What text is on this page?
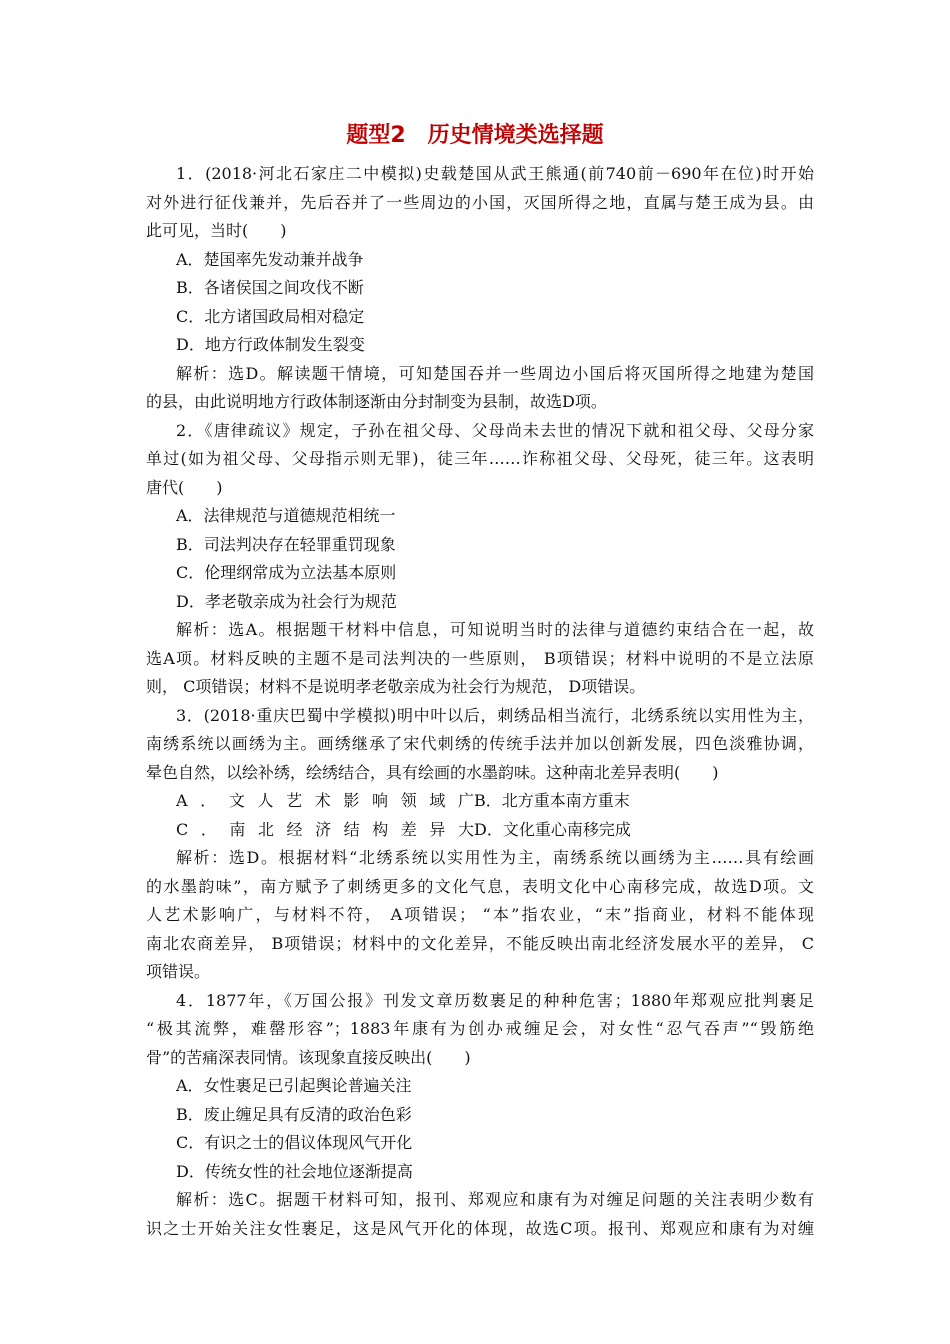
题型2　历史情境类选择题
1．(2018·河北石家庄二中模拟)史载楚国从武王熊通(前740前－690年在位)时开始
对外进行征伐兼并，先后吞并了一些周边的小国，灭国所得之地，直属与楚王成为县。由
此可见，当时(　　)
A．楚国率先发动兼并战争
B．各诸侯国之间攻伐不断
C．北方诸国政局相对稳定
D．地方行政体制发生裂变
解析：选D。解读题干情境，可知楚国吞并一些周边小国后将灭国所得之地建为楚国
的县，由此说明地方行政体制逐渐由分封制变为县制，故选D项。
2．《唐律疏议》规定，子孙在祖父母、父母尚未去世的情况下就和祖父母、父母分家
单过(如为祖父母、父母指示则无罪)，徒三年……诈称祖父母、父母死，徒三年。这表明
唐代(　　)
A．法律规范与道德规范相统一
B．司法判决存在轻罪重罚现象
C．伦理纲常成为立法基本原则
D．孝老敬亲成为社会行为规范
解析：选A。根据题干材料中信息，可知说明当时的法律与道德约束结合在一起，故
选A项。材料反映的主题不是司法判决的一些原则， B项错误；材料中说明的不是立法原
则， C项错误；材料不是说明孝老敬亲成为社会行为规范， D项错误。
3．(2018·重庆巴蜀中学模拟)明中叶以后，刺绣品相当流行，北绣系统以实用性为主，
南绣系统以画绣为主。画绣继承了宋代刺绣的传统手法并加以创新发展，四色淡雅协调，
晕色自然，以绘补绣，绘绣结合，具有绘画的水墨韵味。这种南北差异表明(　　)
A．文人艺术影响领域广 B．北方重本南方重末
C．南北经济结构差异大 D．文化重心南移完成
解析：选D。根据材料“北绣系统以实用性为主，南绣系统以画绣为主……具有绘画
的水墨韵味”，南方赋予了刺绣更多的文化气息，表明文化中心南移完成，故选D项。文
人艺术影响广，与材料不符， A项错误； “本”指农业，“末”指商业，材料不能体现
南北农商差异， B项错误；材料中的文化差异，不能反映出南北经济发展水平的差异， C
项错误。
4．1877年，《万国公报》刊发文章历数裹足的种种危害；1880年郑观应批判裹足
“极其流弊，难罄形容”；1883年康有为创办戒缠足会，对女性“忍气吞声”“毁筋绝
骨”的苦痛深表同情。该现象直接反映出(　　)
A．女性裹足已引起舆论普遍关注
B．废止缠足具有反清的政治色彩
C．有识之士的倡议体现风气开化
D．传统女性的社会地位逐渐提高
解析：选C。据题干材料可知，报刊、郑观应和康有为对缠足问题的关注表明少数有
识之士开始关注女性裹足，这是风气开化的体现，故选C项。报刊、郑观应和康有为对缠
